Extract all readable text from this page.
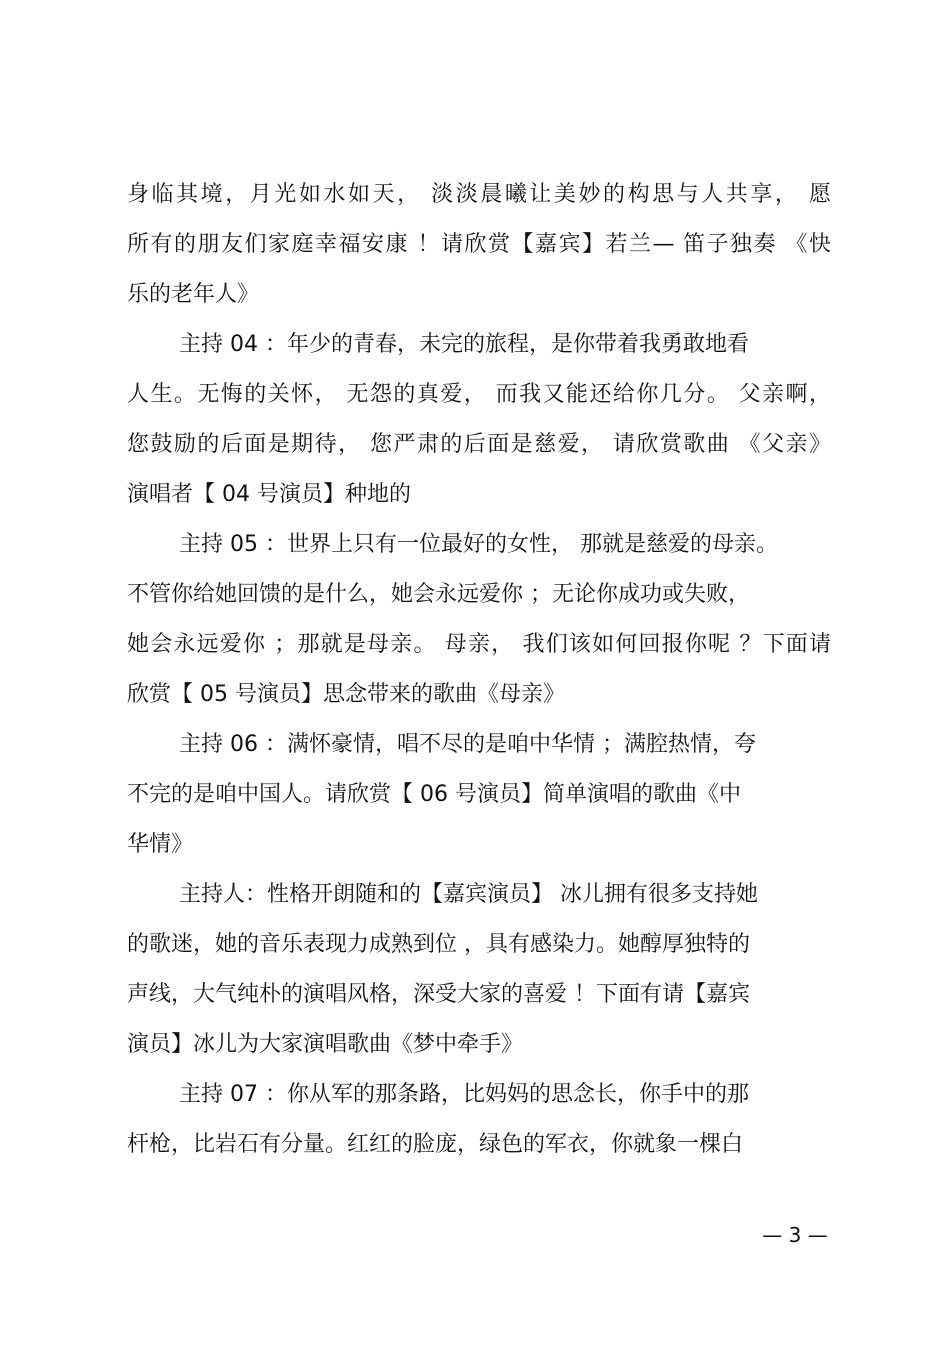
身临其境，月光如水如天， 淡淡晨曦让美妙的构思与人共享， 愿
所有的朋友们家庭幸福安康 ！请欣赏【嘉宾】若兰— 笛子独奏 《快
乐的老年人》
主持 04 ：年少的青春，未完的旅程，是你带着我勇敢地看
人生。无悔的关怀， 无怨的真爱， 而我又能还给你几分。 父亲啊，
您鼓励的后面是期待， 您严肃的后面是慈爱， 请欣赏歌曲 《父亲》
演唱者【 04 号演员】种地的
主持 05 ：世界上只有一位最好的女性， 那就是慈爱的母亲。
不管你给她回馈的是什么，她会永远爱你 ；无论你成功或失败，
她会永远爱你 ；那就是母亲。 母亲， 我们该如何回报你呢 ？下面请
欣赏【 05 号演员】思念带来的歌曲《母亲》
主持 06 ：满怀豪情，唱不尽的是咱中华情 ；满腔热情，夸
不完的是咱中国人。请欣赏【 06 号演员】简单演唱的歌曲《中
华情》
主持人：性格开朗随和的【嘉宾演员】 冰儿拥有很多支持她
的歌迷，她的音乐表现力成熟到位 ，具有感染力。她醇厚独特的
声线，大气纯朴的演唱风格，深受大家的喜爱 ！下面有请【嘉宾
演员】冰儿为大家演唱歌曲《梦中牵手》
主持 07 ：你从军的那条路，比妈妈的思念长，你手中的那
杆枪，比岩石有分量。红红的脸庞，绿色的军衣，你就象一棵白
— 3 —
